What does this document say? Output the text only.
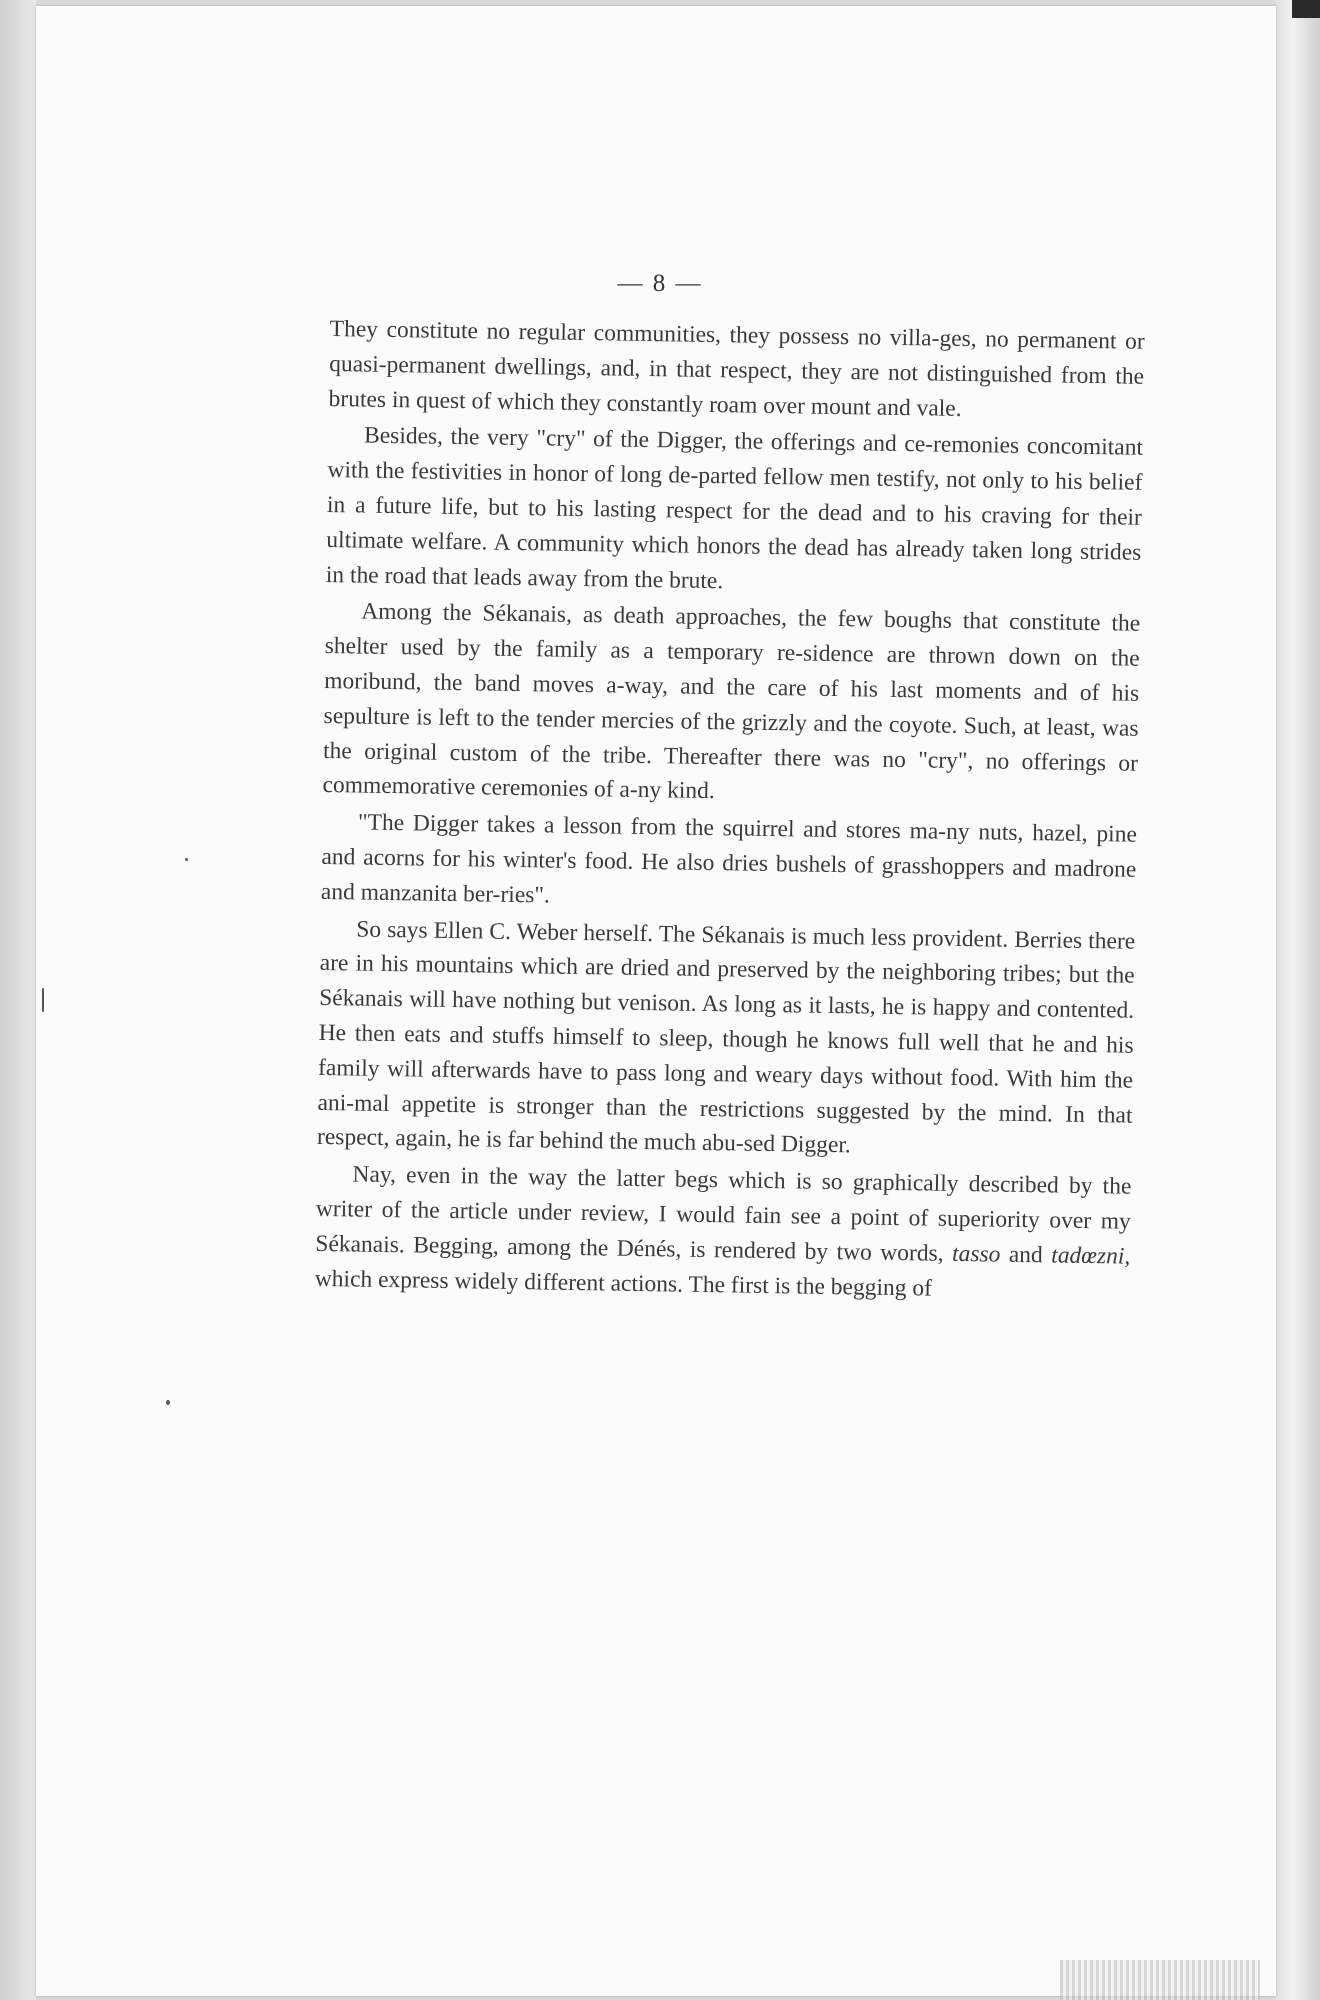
— 8 —

They constitute no regular communities, they possess no villa-ges, no permanent or quasi-permanent dwellings, and, in that respect, they are not distinguished from the brutes in quest of which they constantly roam over mount and vale.

Besides, the very "cry" of the Digger, the offerings and ce-remonies concomitant with the festivities in honor of long de-parted fellow men testify, not only to his belief in a future life, but to his lasting respect for the dead and to his craving for their ultimate welfare. A community which honors the dead has already taken long strides in the road that leads away from the brute.

Among the Sékanais, as death approaches, the few boughs that constitute the shelter used by the family as a temporary re-sidence are thrown down on the moribund, the band moves a-way, and the care of his last moments and of his sepulture is left to the tender mercies of the grizzly and the coyote. Such, at least, was the original custom of the tribe. Thereafter there was no "cry", no offerings or commemorative ceremonies of a-ny kind.

"The Digger takes a lesson from the squirrel and stores ma-ny nuts, hazel, pine and acorns for his winter's food. He also dries bushels of grasshoppers and madrone and manzanita ber-ries".

So says Ellen C. Weber herself. The Sékanais is much less provident. Berries there are in his mountains which are dried and preserved by the neighboring tribes; but the Sékanais will have nothing but venison. As long as it lasts, he is happy and contented. He then eats and stuffs himself to sleep, though he knows full well that he and his family will afterwards have to pass long and weary days without food. With him the ani-mal appetite is stronger than the restrictions suggested by the mind. In that respect, again, he is far behind the much abu-sed Digger.

Nay, even in the way the latter begs which is so graphically described by the writer of the article under review, I would fain see a point of superiority over my Sékanais. Begging, among the Dénés, is rendered by two words, tasso and tadœzni, which express widely different actions. The first is the begging of
